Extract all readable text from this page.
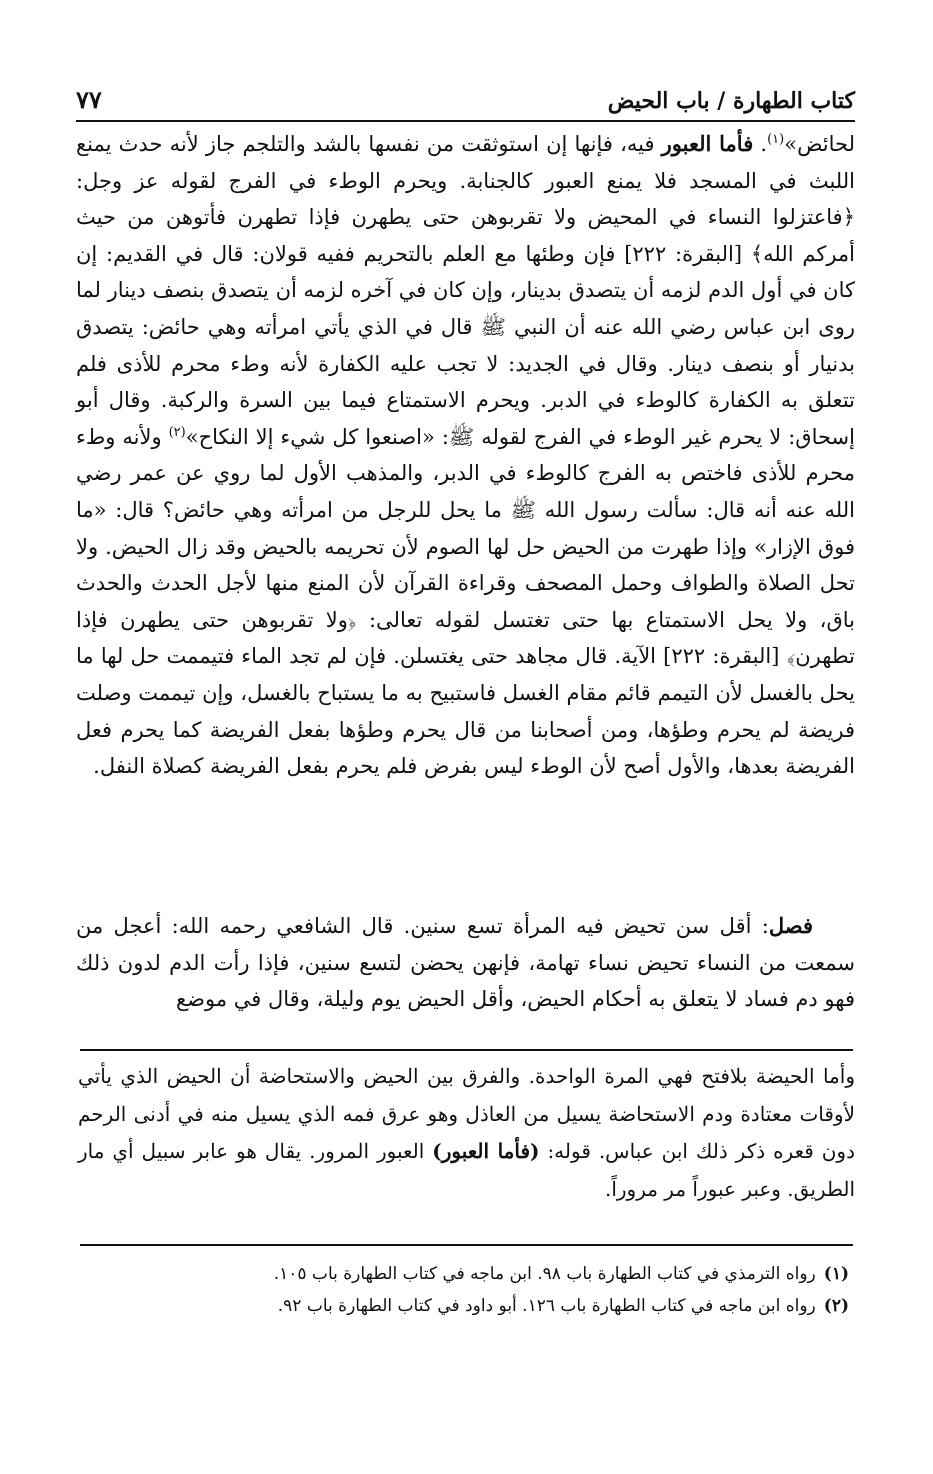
كتاب الطهارة / باب الحيض
٧٧

لحائض»$^{(١)}$. فأما العبور فيه، فإنها إن استوثقت من نفسها بالشد والتلجم جاز لأنه حدث يمنع اللبث في المسجد فلا يمنع العبور كالجنابة. ويحرم الوطء في الفرج لقوله عز وجل: ﴿فاعتزلوا النساء في المحيض ولا تقربوهن حتى يطهرن فإذا تطهرن فأتوهن من حيث أمركم الله﴾ [البقرة: ٢٢٢] فإن وطئها مع العلم بالتحريم ففيه قولان: قال في القديم: إن كان في أول الدم لزمه أن يتصدق بدينار، وإن كان في آخره لزمه أن يتصدق بنصف دينار لما روى ابن عباس رضي الله عنه أن النبي ﷺ قال في الذي يأتي امرأته وهي حائض: يتصدق بدنيار أو بنصف دينار. وقال في الجديد: لا تجب عليه الكفارة لأنه وطء محرم للأذى فلم تتعلق به الكفارة كالوطء في الدبر. ويحرم الاستمتاع فيما بين السرة والركبة. وقال أبو إسحاق: لا يحرم غير الوطء في الفرج لقوله ﷺ: «اصنعوا كل شيء إلا النكاح»$^{(٢)}$ ولأنه وطء محرم للأذى فاختص به الفرج كالوطء في الدبر، والمذهب الأول لما روي عن عمر رضي الله عنه أنه قال: سألت رسول الله ﷺ ما يحل للرجل من امرأته وهي حائض؟ قال: «ما فوق الإزار» وإذا طهرت من الحيض حل لها الصوم لأن تحريمه بالحيض وقد زال الحيض. ولا تحل الصلاة والطواف وحمل المصحف وقراءة القرآن لأن المنع منها لأجل الحدث والحدث باق، ولا يحل الاستمتاع بها حتى تغتسل لقوله تعالى: ﴿ولا تقربوهن حتى يطهرن فإذا تطهرن﴾ [البقرة: ٢٢٢] الآية. قال مجاهد حتى يغتسلن. فإن لم تجد الماء فتيممت حل لها ما يحل بالغسل لأن التيمم قائم مقام الغسل فاستبيح به ما يستباح بالغسل، وإن تيممت وصلت فريضة لم يحرم وطؤها، ومن أصحابنا من قال يحرم وطؤها بفعل الفريضة كما يحرم فعل الفريضة بعدها، والأول أصح لأن الوطء ليس بفرض فلم يحرم بفعل الفريضة كصلاة النفل.

  فصل: أقل سن تحيض فيه المرأة تسع سنين. قال الشافعي رحمه الله: أعجل من سمعت من النساء تحيض نساء تهامة، فإنهن يحضن لتسع سنين، فإذا رأت الدم لدون ذلك فهو دم فساد لا يتعلق به أحكام الحيض، وأقل الحيض يوم وليلة، وقال في موضع

وأما الحيضة بلافتح فهي المرة الواحدة. والفرق بين الحيض والاستحاضة أن الحيض الذي يأتي لأوقات معتادة ودم الاستحاضة يسيل من العاذل وهو عرق فمه الذي يسيل منه في أدنى الرحم دون قعره ذكر ذلك ابن عباس. قوله: (فأما العبور) العبور المرور. يقال هو عابر سبيل أي مار الطريق. وعبر عبوراً مر مروراً.

(١)
رواه الترمذي في كتاب الطهارة باب ٩٨. ابن ماجه في كتاب الطهارة باب ١٠٥.
(٢)
رواه ابن ماجه في كتاب الطهارة باب ١٢٦. أبو داود في كتاب الطهارة باب ٩٢.
